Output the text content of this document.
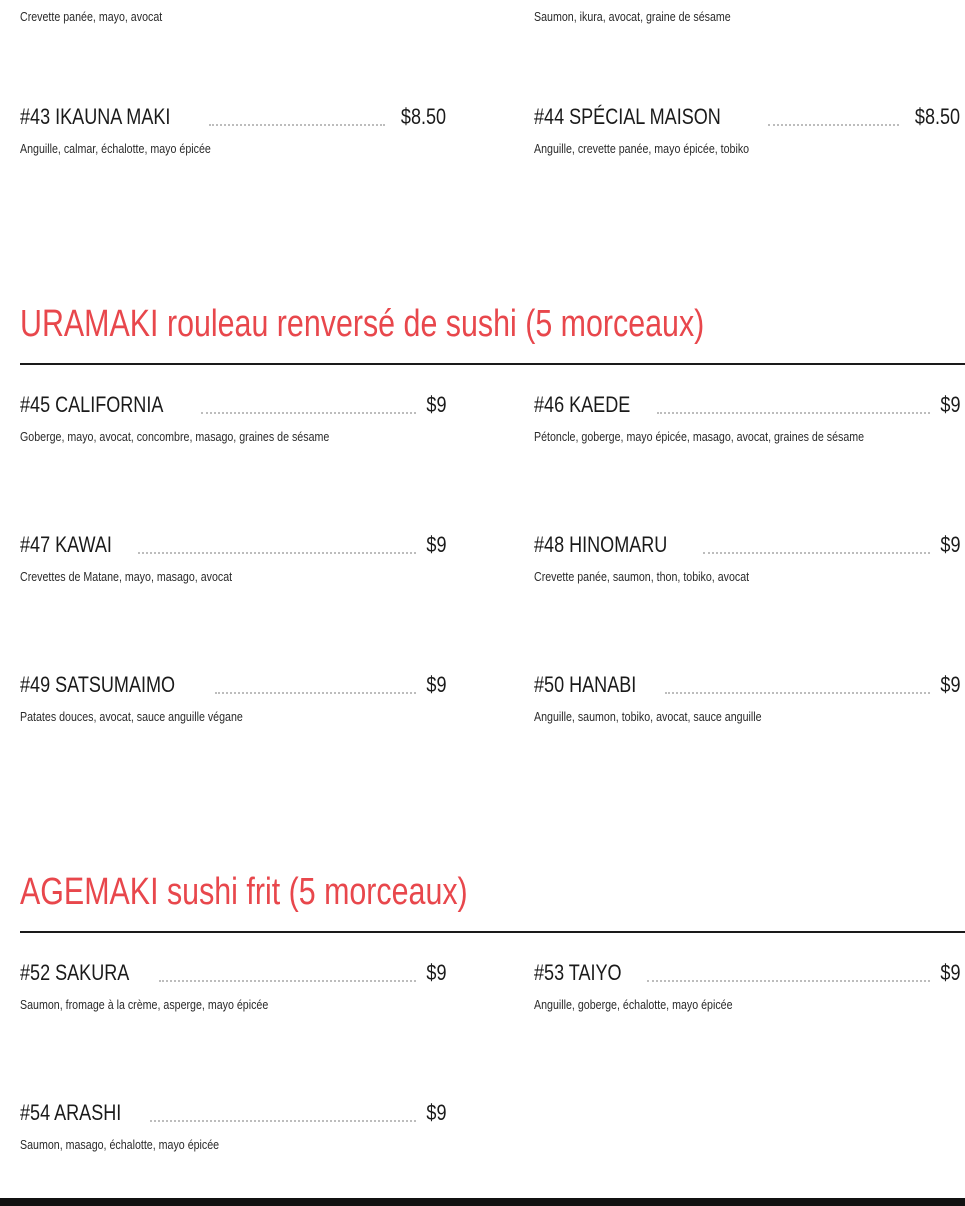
Crevette panée, mayo, avocat	Saumon, ikura, avocat, graine de sésame
#43 IKAUNA MAKI	$8.50
Anguille, calmar, échalotte, mayo épicée
#44 SPÉCIAL MAISON	$8.50
Anguille, crevette panée, mayo épicée, tobiko
URAMAKI rouleau renversé de sushi (5 morceaux)
#45 CALIFORNIA	$9
Goberge, mayo, avocat, concombre, masago, graines de sésame
#46 KAEDE	$9
Pétoncle, goberge, mayo épicée, masago, avocat, graines de sésame
#47 KAWAI	$9
Crevettes de Matane, mayo, masago, avocat
#48 HINOMARU	$9
Crevette panée, saumon, thon, tobiko, avocat
#49 SATSUMAIMO	$9
Patates douces, avocat, sauce anguille végane
#50 HANABI	$9
Anguille, saumon, tobiko, avocat, sauce anguille
AGEMAKI sushi frit (5 morceaux)
#52 SAKURA	$9
Saumon, fromage à la crème, asperge, mayo épicée
#53 TAIYO	$9
Anguille, goberge, échalotte, mayo épicée
#54 ARASHI	$9
Saumon, masago, échalotte, mayo épicée
